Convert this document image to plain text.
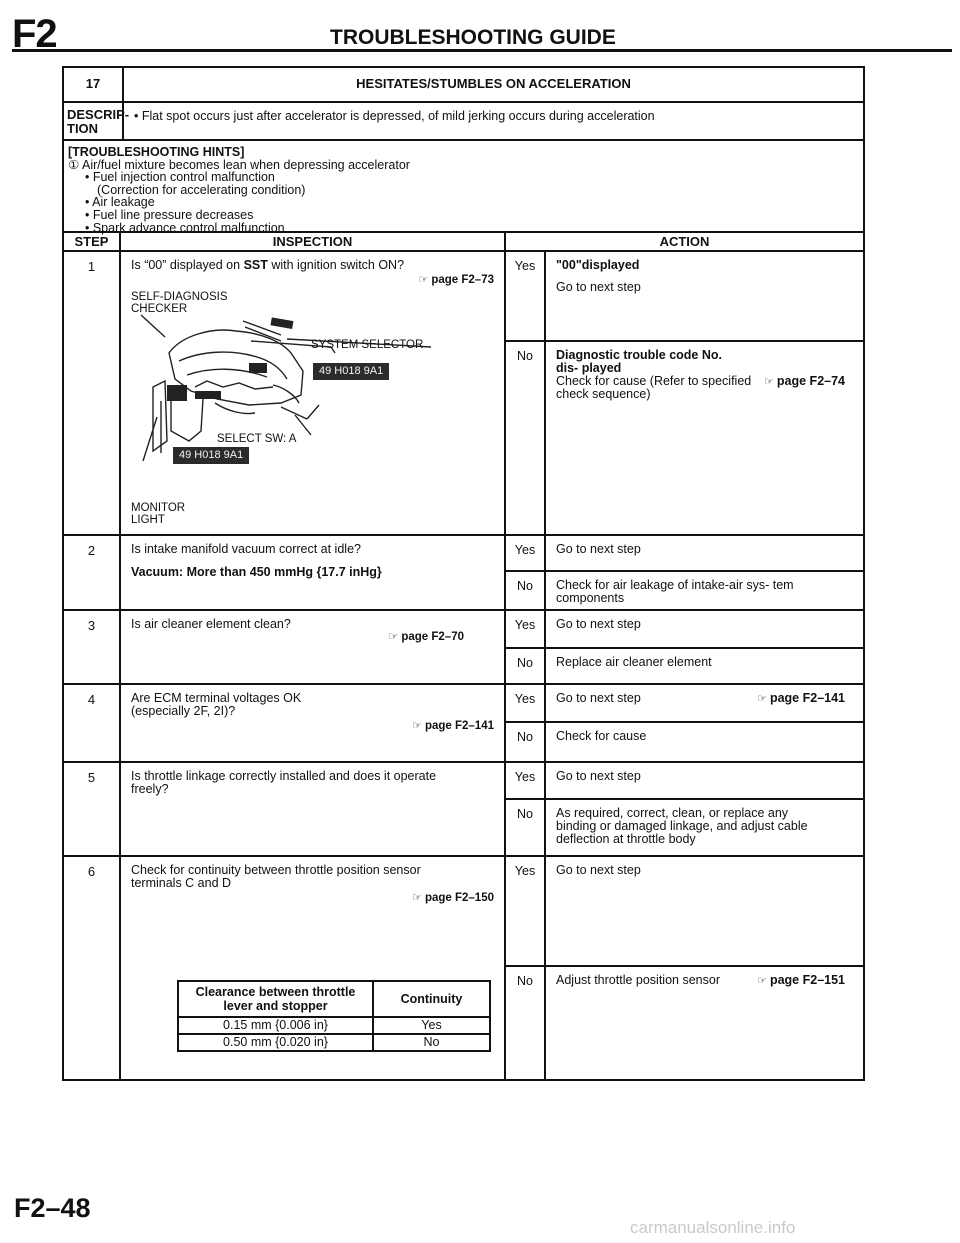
F2	TROUBLESHOOTING GUIDE
17	HESITATES/STUMBLES ON ACCELERATION
DESCRIP- TION
• Flat spot occurs just after accelerator is depressed, of mild jerking occurs during acceleration
[TROUBLESHOOTING HINTS]
① Air/fuel mixture becomes lean when depressing accelerator
• Fuel injection control malfunction
(Correction for accelerating condition)
• Air leakage
• Fuel line pressure decreases
• Spark advance control malfunction
STEP	INSPECTION	ACTION
1	Is “00” displayed on SST with ignition switch ON?
☞ page F2–73
SELF-DIAGNOSIS CHECKER
SYSTEM SELECTOR
49 H018 9A1
SELECT SW: A
49 H018 9A1
MONITOR LIGHT
Yes	"00"displayed
Go to next step
No	Diagnostic trouble code No. dis- played
Check for cause (Refer to specified check sequence)
☞ page F2–74
2	Is intake manifold vacuum correct at idle?
Vacuum: More than 450 mmHg {17.7 inHg}
Yes	Go to next step
No	Check for air leakage of intake-air sys- tem components
3	Is air cleaner element clean?
☞ page F2–70
Yes	Go to next step
No	Replace air cleaner element
4	Are ECM terminal voltages OK (especially 2F, 2I)?
☞ page F2–141
Yes	Go to next step	☞ page F2–141
No	Check for cause
5	Is throttle linkage correctly installed and does it operate freely?
Yes	Go to next step
No	As required, correct, clean, or replace any binding or damaged linkage, and adjust cable deflection at throttle body
6	Check for continuity between throttle position sensor terminals C and D
☞ page F2–150
Clearance between throttle lever and stopper	Continuity
0.15 mm {0.006 in}	Yes
0.50 mm {0.020 in}	No
Yes	Go to next step
No	Adjust throttle position sensor	☞ page F2–151
F2–48
carmanualsonline.info
